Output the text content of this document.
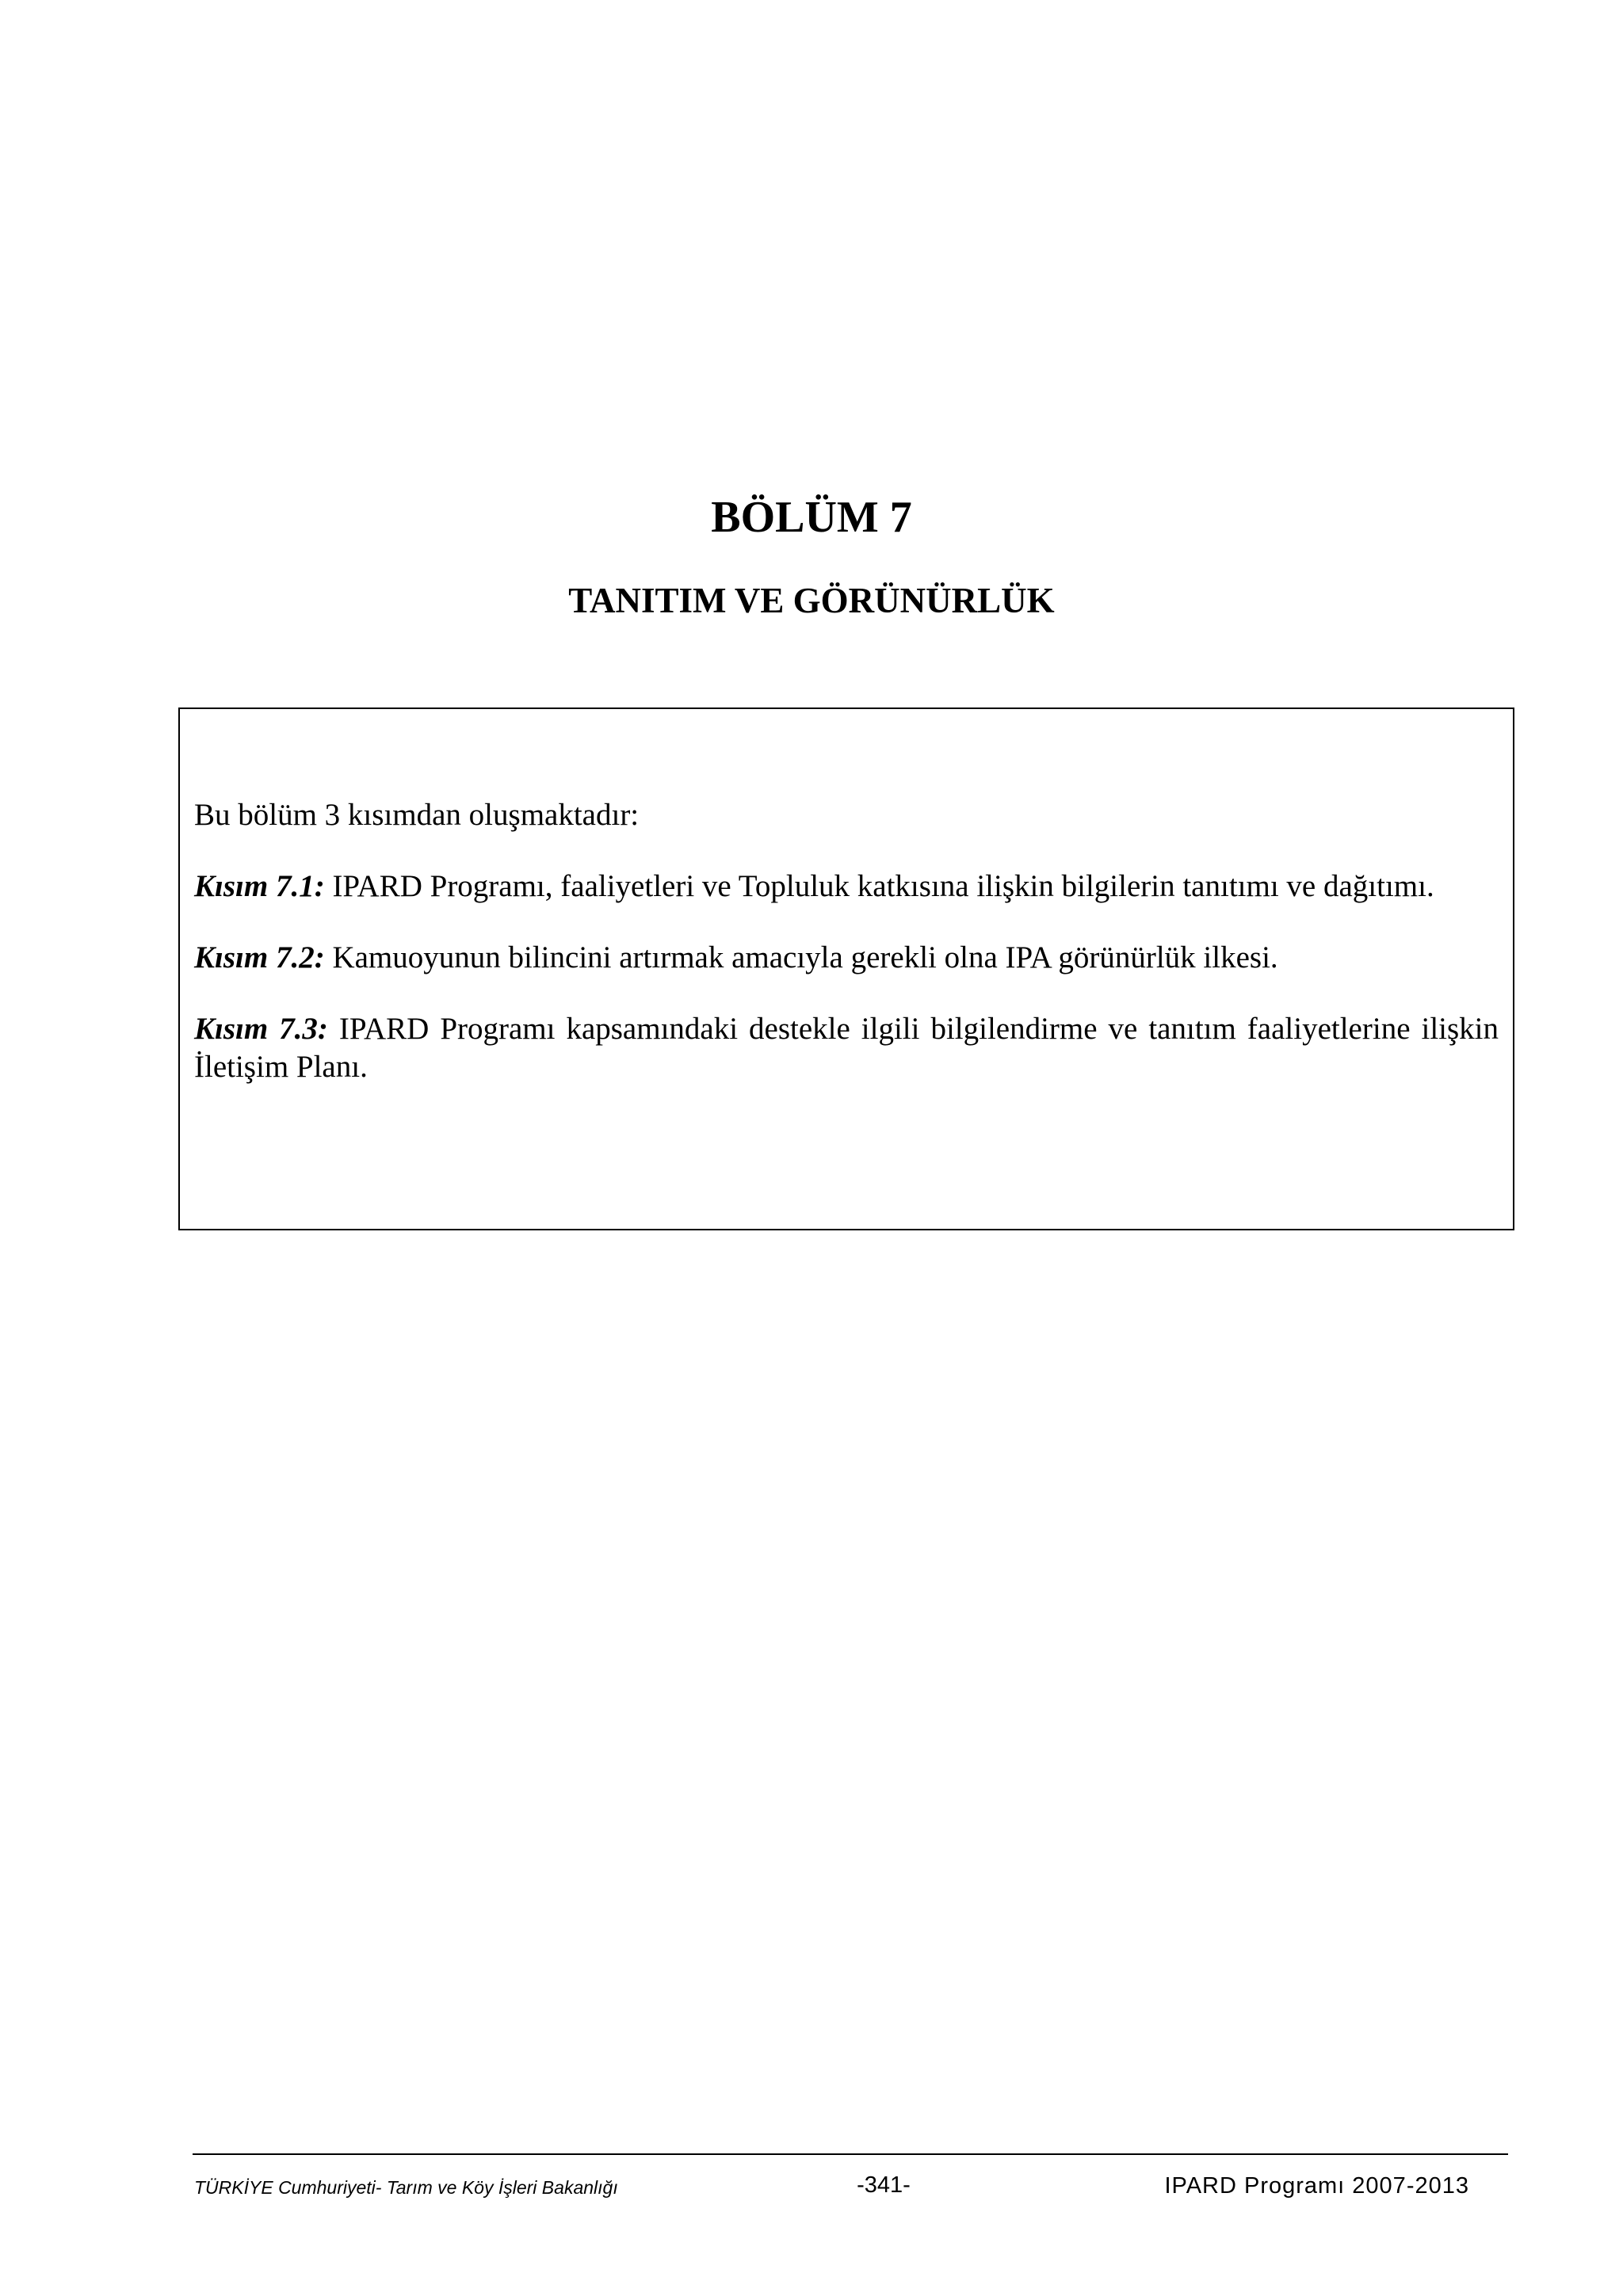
BÖLÜM 7
TANITIM VE GÖRÜNÜRLÜK

Bu bölüm 3 kısımdan oluşmaktadır:

Kısım 7.1: IPARD Programı, faaliyetleri ve Topluluk katkısına ilişkin bilgilerin tanıtımı ve dağıtımı.

Kısım 7.2: Kamuoyunun bilincini artırmak amacıyla gerekli olna IPA görünürlük ilkesi.

Kısım 7.3: IPARD Programı kapsamındaki destekle ilgili bilgilendirme ve tanıtım faaliyetlerine ilişkin İletişim Planı.

TÜRKİYE Cumhuriyeti- Tarım ve Köy İşleri Bakanlığı	-341-	IPARD Programı 2007-2013
